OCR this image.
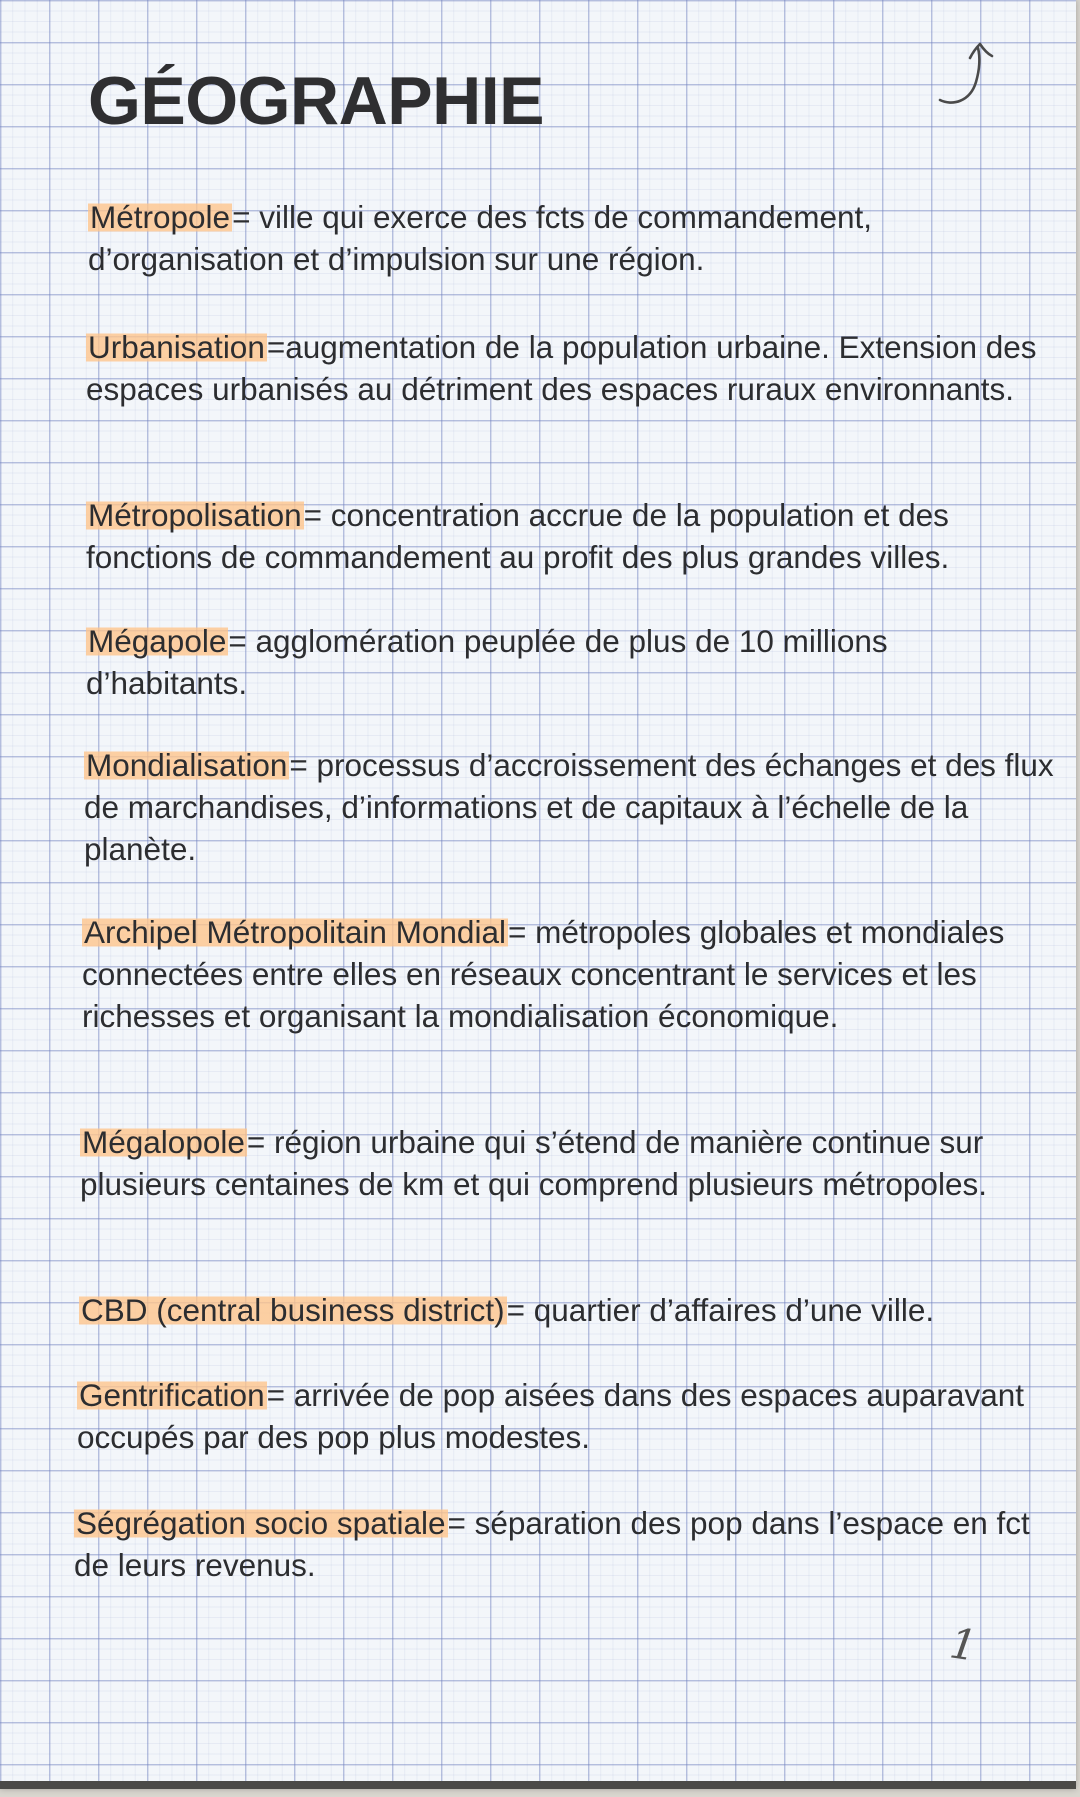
GÉOGRAPHIE

Métropole= ville qui exerce des fcts de commandement, d’organisation et d’impulsion sur une région.

Urbanisation=augmentation de la population urbaine. Extension des espaces urbanisés au détriment des espaces ruraux environnants.

Métropolisation= concentration accrue de la population et des fonctions de commandement au profit des plus grandes villes.

Mégapole= agglomération peuplée de plus de 10 millions d’habitants.

Mondialisation= processus d’accroissement des échanges et des flux de marchandises, d’informations et de capitaux à l’échelle de la planète.

Archipel Métropolitain Mondial= métropoles globales et mondiales connectées entre elles en réseaux concentrant le services et les richesses et organisant la mondialisation économique.

Mégalopole= région urbaine qui s’étend de manière continue sur plusieurs centaines de km et qui comprend plusieurs métropoles.

CBD (central business district)= quartier d’affaires d’une ville.

Gentrification= arrivée de pop aisées dans des espaces auparavant occupés par des pop plus modestes.

Ségrégation socio spatiale= séparation des pop dans l’espace en fct de leurs revenus.

1
